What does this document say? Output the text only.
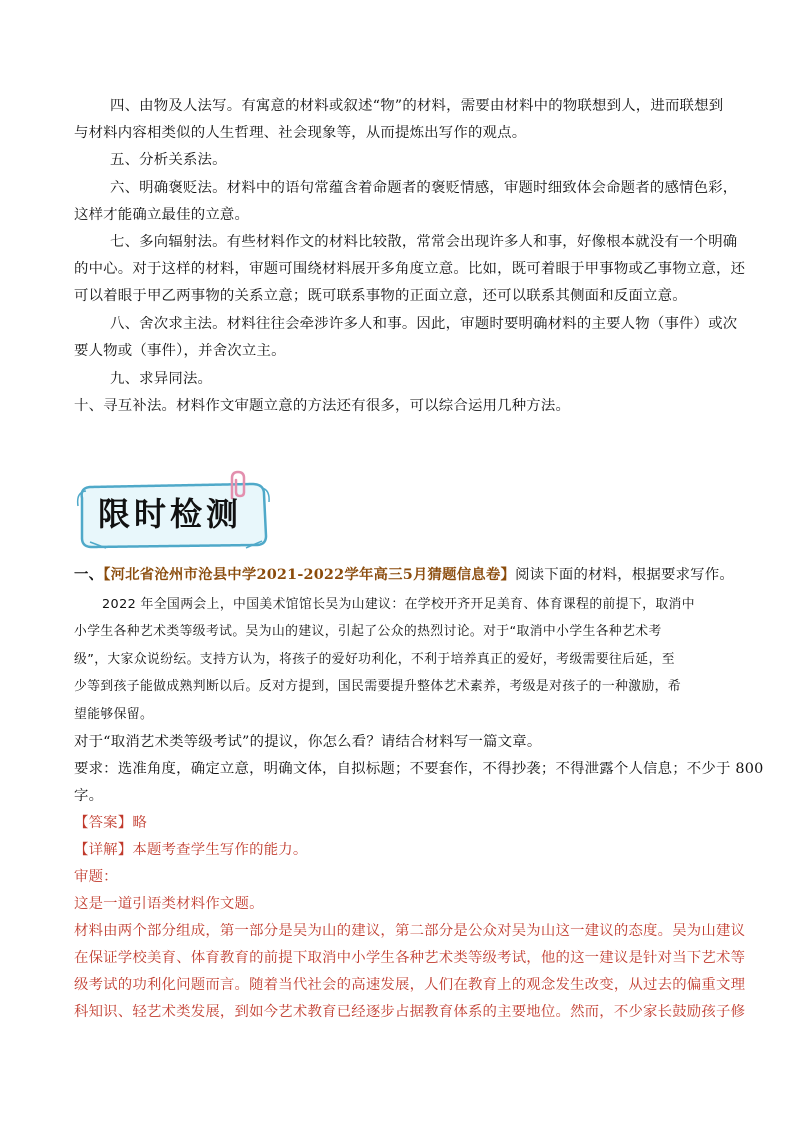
四、由物及人法写。有寓意的材料或叙述“物”的材料，需要由材料中的物联想到人，进而联想到
与材料内容相类似的人生哲理、社会现象等，从而提炼出写作的观点。
五、分析关系法。
六、明确褒贬法。材料中的语句常蕴含着命题者的褒贬情感，审题时细致体会命题者的感情色彩，
这样才能确立最佳的立意。
七、多向辐射法。有些材料作文的材料比较散，常常会出现许多人和事，好像根本就没有一个明确
的中心。对于这样的材料，审题可围绕材料展开多角度立意。比如，既可着眼于甲事物或乙事物立意，还
可以着眼于甲乙两事物的关系立意；既可联系事物的正面立意，还可以联系其侧面和反面立意。
八、舍次求主法。材料往往会牵涉许多人和事。因此，审题时要明确材料的主要人物（事件）或次
要人物或（事件），并舍次立主。
九、求异同法。
十、寻互补法。材料作文审题立意的方法还有很多，可以综合运用几种方法。
限时检测
一、【河北省沧州市沧县中学2021-2022学年高三5月猜题信息卷】阅读下面的材料，根据要求写作。
2022 年全国两会上，中国美术馆馆长吴为山建议：在学校开齐开足美育、体育课程的前提下，取消中
小学生各种艺术类等级考试。吴为山的建议，引起了公众的热烈讨论。对于“取消中小学生各种艺术考
级”，大家众说纷纭。支持方认为，将孩子的爱好功利化，不利于培养真正的爱好，考级需要往后延，至
少等到孩子能做成熟判断以后。反对方提到，国民需要提升整体艺术素养，考级是对孩子的一种激励，希
望能够保留。
对于“取消艺术类等级考试”的提议，你怎么看？请结合材料写一篇文章。
要求：选准角度，确定立意，明确文体，自拟标题；不要套作，不得抄袭；不得泄露个人信息；不少于 800
字。
【答案】略
【详解】本题考查学生写作的能力。
审题：
这是一道引语类材料作文题。
材料由两个部分组成，第一部分是吴为山的建议，第二部分是公众对吴为山这一建议的态度。吴为山建议
在保证学校美育、体育教育的前提下取消中小学生各种艺术类等级考试，他的这一建议是针对当下艺术等
级考试的功利化问题而言。随着当代社会的高速发展，人们在教育上的观念发生改变，从过去的偏重文理
科知识、轻艺术类发展，到如今艺术教育已经逐步占据教育体系的主要地位。然而，不少家长鼓励孩子修
